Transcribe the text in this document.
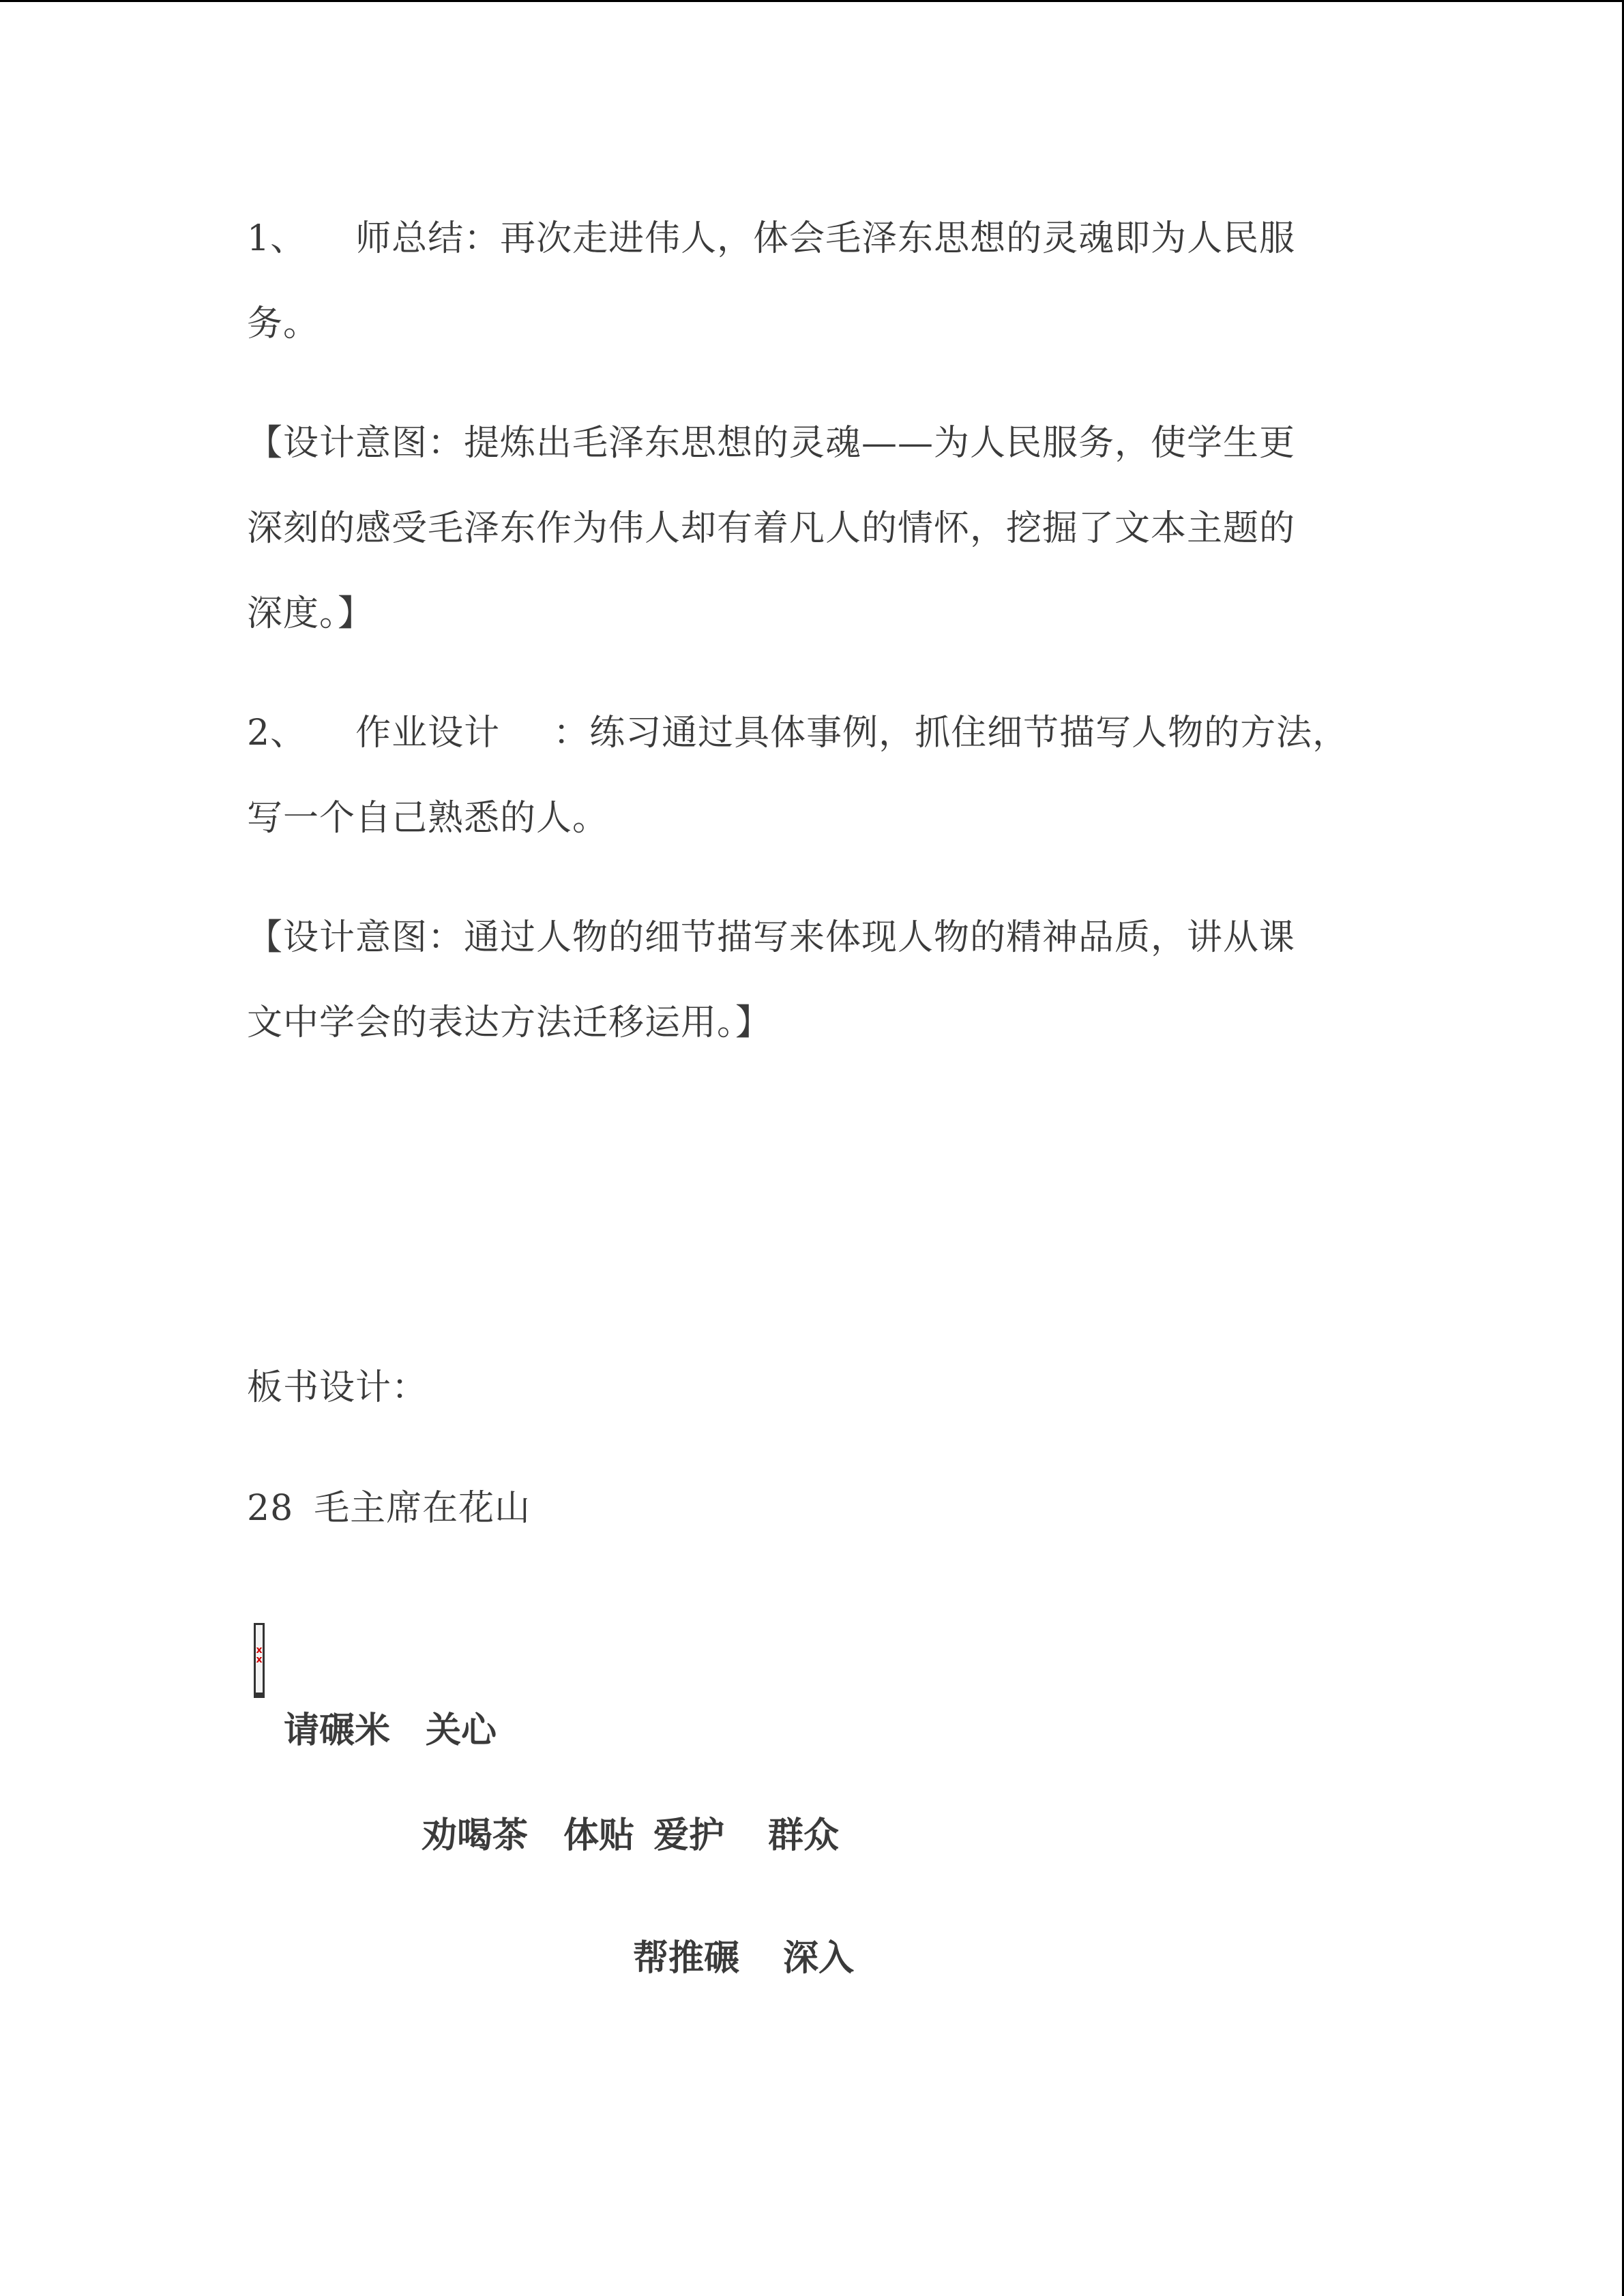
1、 师总结：再次走进伟人，体会毛泽东思想的灵魂即为人民服
务。
【设计意图：提炼出毛泽东思想的灵魂——为人民服务，使学生更
深刻的感受毛泽东作为伟人却有着凡人的情怀，挖掘了文本主题的
深度。】
2、 作业设计 ：练习通过具体事例，抓住细节描写人物的方法，
写一个自己熟悉的人。
【设计意图：通过人物的细节描写来体现人物的精神品质，讲从课
文中学会的表达方法迁移运用。】
板书设计：
28 毛主席在花山
x
x
请碾米 关心
劝喝茶 体贴 爱护 群众
帮推碾 深入
